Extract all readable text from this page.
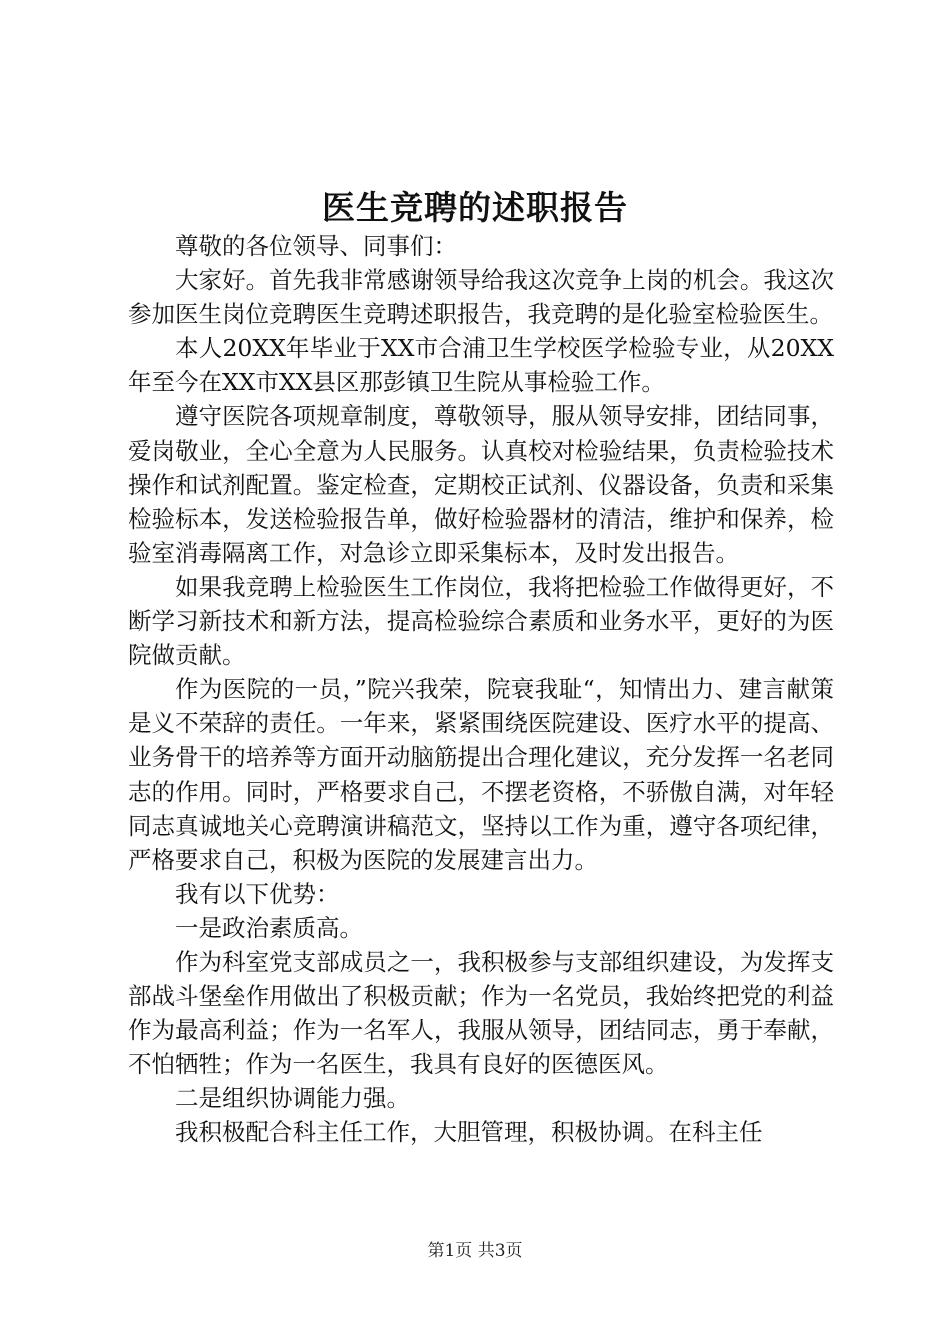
医生竞聘的述职报告

尊敬的各位领导、同事们：

大家好。首先我非常感谢领导给我这次竞争上岗的机会。我这次参加医生岗位竞聘医生竞聘述职报告，我竞聘的是化验室检验医生。

本人20XX年毕业于XX市合浦卫生学校医学检验专业，从20XX年至今在XX市XX县区那彭镇卫生院从事检验工作。

遵守医院各项规章制度，尊敬领导，服从领导安排，团结同事，爱岗敬业，全心全意为人民服务。认真校对检验结果，负责检验技术操作和试剂配置。鉴定检查，定期校正试剂、仪器设备，负责和采集检验标本，发送检验报告单，做好检验器材的清洁，维护和保养，检验室消毒隔离工作，对急诊立即采集标本，及时发出报告。

如果我竞聘上检验医生工作岗位，我将把检验工作做得更好，不断学习新技术和新方法，提高检验综合素质和业务水平，更好的为医院做贡献。

作为医院的一员，”院兴我荣，院衰我耻“，知情出力、建言献策是义不荣辞的责任。一年来，紧紧围绕医院建设、医疗水平的提高、业务骨干的培养等方面开动脑筋提出合理化建议，充分发挥一名老同志的作用。同时，严格要求自己，不摆老资格，不骄傲自满，对年轻同志真诚地关心竞聘演讲稿范文，坚持以工作为重，遵守各项纪律，严格要求自己，积极为医院的发展建言出力。

我有以下优势：

一是政治素质高。

作为科室党支部成员之一，我积极参与支部组织建设，为发挥支部战斗堡垒作用做出了积极贡献；作为一名党员，我始终把党的利益作为最高利益；作为一名军人，我服从领导，团结同志，勇于奉献，不怕牺牲；作为一名医生，我具有良好的医德医风。

二是组织协调能力强。

我积极配合科主任工作，大胆管理，积极协调。在科主任

第1页 共3页
